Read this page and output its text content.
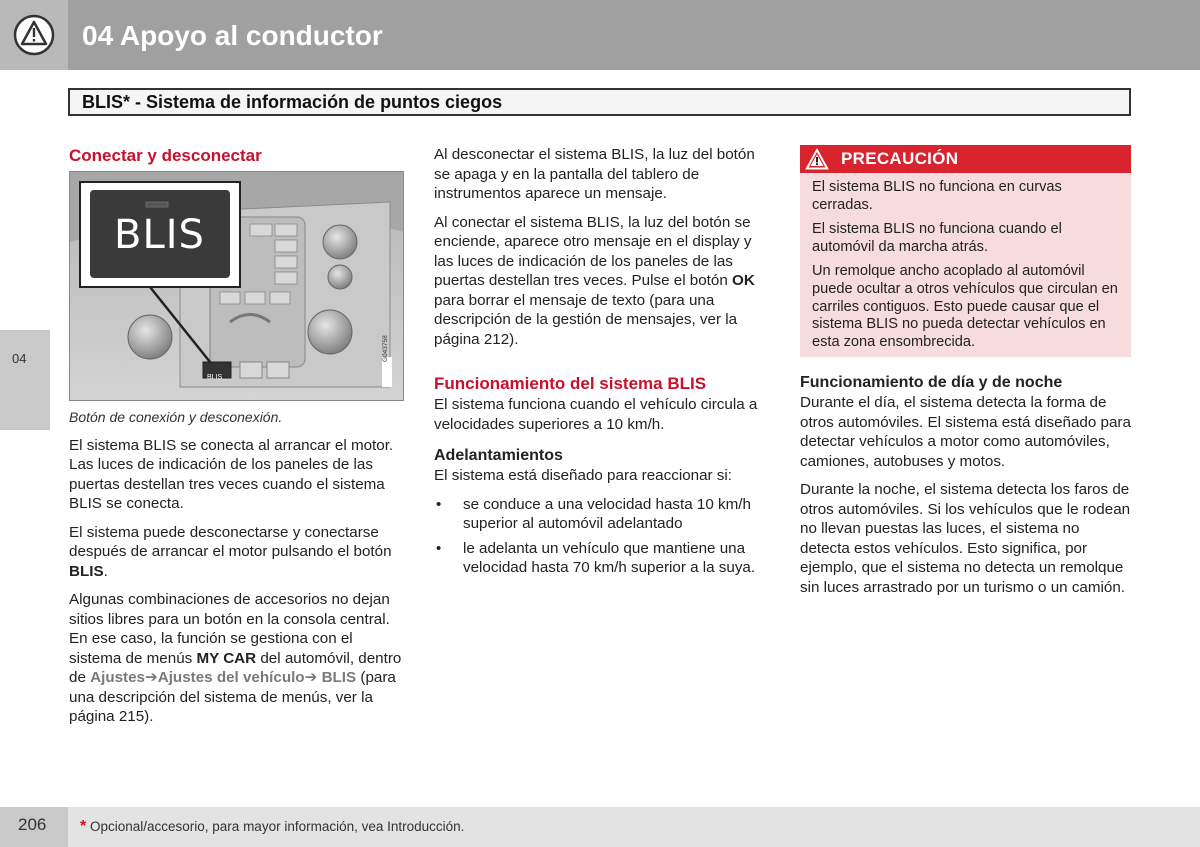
04 Apoyo al conductor
04
BLIS* - Sistema de información de puntos ciegos
Conectar y desconectar
BLIS
BLIS
G043758
Botón de conexión y desconexión.

El sistema BLIS se conecta al arrancar el motor. Las luces de indicación de los paneles de las puertas destellan tres veces cuando el sistema BLIS se conecta.

El sistema puede desconectarse y conectarse después de arrancar el motor pulsando el botón BLIS.

Algunas combinaciones de accesorios no dejan sitios libres para un botón en la consola central. En ese caso, la función se gestiona con el sistema de menús MY CAR del automóvil, dentro de Ajustes➔Ajustes del vehículo➔ BLIS (para una descripción del sistema de menús, ver la página 215).

Al desconectar el sistema BLIS, la luz del botón se apaga y en la pantalla del tablero de instrumentos aparece un mensaje.

Al conectar el sistema BLIS, la luz del botón se enciende, aparece otro mensaje en el display y las luces de indicación de los paneles de las puertas destellan tres veces. Pulse el botón OK para borrar el mensaje de texto (para una descripción de la gestión de mensajes, ver la página 212).

Funcionamiento del sistema BLIS

El sistema funciona cuando el vehículo circula a velocidades superiores a 10 km/h.

Adelantamientos

El sistema está diseñado para reaccionar si:

• se conduce a una velocidad hasta 10 km/h superior al automóvil adelantado
• le adelanta un vehículo que mantiene una velocidad hasta 70 km/h superior a la suya.
PRECAUCIÓN

El sistema BLIS no funciona en curvas cerradas.

El sistema BLIS no funciona cuando el automóvil da marcha atrás.

Un remolque ancho acoplado al automóvil puede ocultar a otros vehículos que circulan en carriles contiguos. Esto puede causar que el sistema BLIS no pueda detectar vehículos en esta zona ensombrecida.

Funcionamiento de día y de noche

Durante el día, el sistema detecta la forma de otros automóviles. El sistema está diseñado para detectar vehículos a motor como automóviles, camiones, autobuses y motos.

Durante la noche, el sistema detecta los faros de otros automóviles. Si los vehículos que le rodean no llevan puestas las luces, el sistema no detecta estos vehículos. Esto significa, por ejemplo, que el sistema no detecta un remolque sin luces arrastrado por un turismo o un camión.

206 * Opcional/accesorio, para mayor información, vea Introducción.
